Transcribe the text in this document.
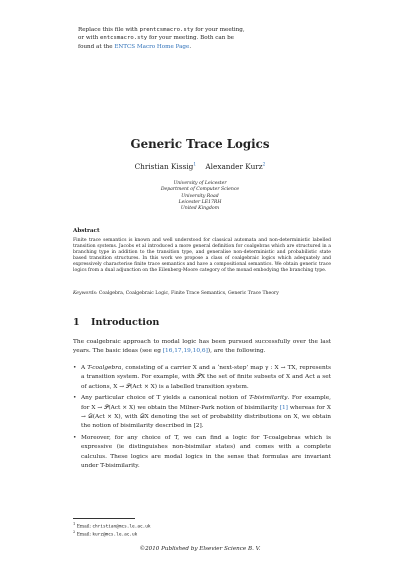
Replace this file with prentcsmacro.sty for your meeting,
or with entcsmacro.sty for your meeting. Both can be
found at the ENTCS Macro Home Page.
Generic Trace Logics
Christian Kissig$^1$ Alexander Kurz$^2$
University of Leicester
Department of Computer Science
University Road
Leicester LE17RH
United Kingdom
Abstract
Finite trace semantics is known and well understood for classical automata and non-deterministic labelled transition systems. Jacobs et al introduced a more general definition for coalgebras which are structured in a branching type in addition to the transition type, and generalise non-deterministic and probabilistic state based transition structures. In this work we propose a class of coalgebraic logics which adequately and expressively characterise finite trace semantics and have a compositional semantics. We obtain generic trace logics from a dual adjunction on the Eilenberg-Moore category of the monad embodying the branching type.
Keywords: Coalgebra, Coalgebraic Logic, Finite Trace Semantics, Generic Trace Theory
1 Introduction
The coalgebraic approach to modal logic has been pursued successfully over the last years. The basic ideas (see eg [16,17,19,10,6]), are the following.
• A T-coalgebra, consisting of a carrier X and a ‘next-step’ map γ : X → TX, represents a transition system. For example, with 𝒫X the set of finite subsets of X and Act a set of actions, X → 𝒫(Act × X) is a labelled transition system.
• Any particular choice of T yields a canonical notion of T-bisimilarity. For example, for X → 𝒫(Act × X) we obtain the Milner-Park notion of bisimilarity [1] whereas for X → 𝒟(Act × X), with 𝒟X denoting the set of probability distributions on X, we obtain the notion of bisimilarity described in [2].
• Moreover, for any choice of T, we can find a logic for T-coalgebras which is expressive (ie distinguishes non-bisimilar states) and comes with a complete calculus. These logics are modal logics in the sense that formulas are invariant under T-bisimilarity.
$^1$ Email: christian@mcs.le.ac.uk
$^2$ Email: kurz@mcs.le.ac.uk
©2010 Published by Elsevier Science B. V.
